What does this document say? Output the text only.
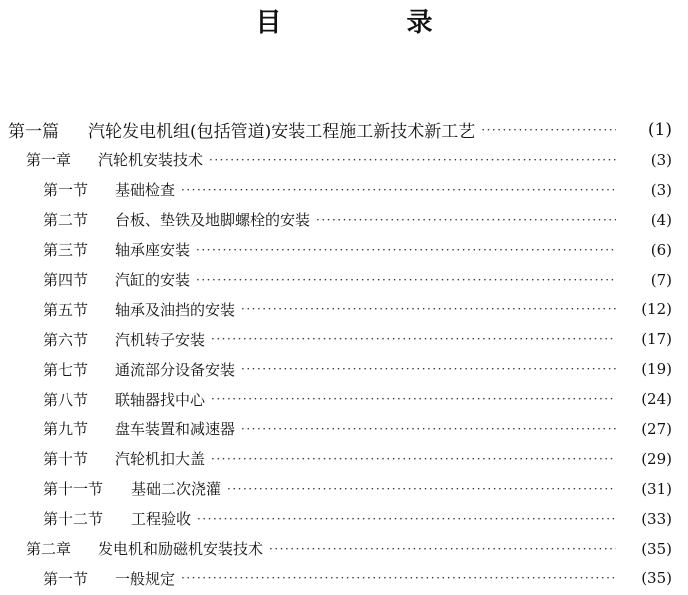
目 录
第一篇	汽轮发电机组(包括管道)安装工程施工新技术新工艺 ·····	(1)
第一章	汽轮机安装技术 ·····	(3)
第一节	基础检查 ·····	(3)
第二节	台板、垫铁及地脚螺栓的安装 ·····	(4)
第三节	轴承座安装 ·····	(6)
第四节	汽缸的安装 ·····	(7)
第五节	轴承及油挡的安装 ·····	(12)
第六节	汽机转子安装 ·····	(17)
第七节	通流部分设备安装 ·····	(19)
第八节	联轴器找中心 ·····	(24)
第九节	盘车装置和减速器 ·····	(27)
第十节	汽轮机扣大盖 ·····	(29)
第十一节	基础二次浇灌 ·····	(31)
第十二节	工程验收 ·····	(33)
第二章	发电机和励磁机安装技术 ·····	(35)
第一节	一般规定 ·····	(35)
